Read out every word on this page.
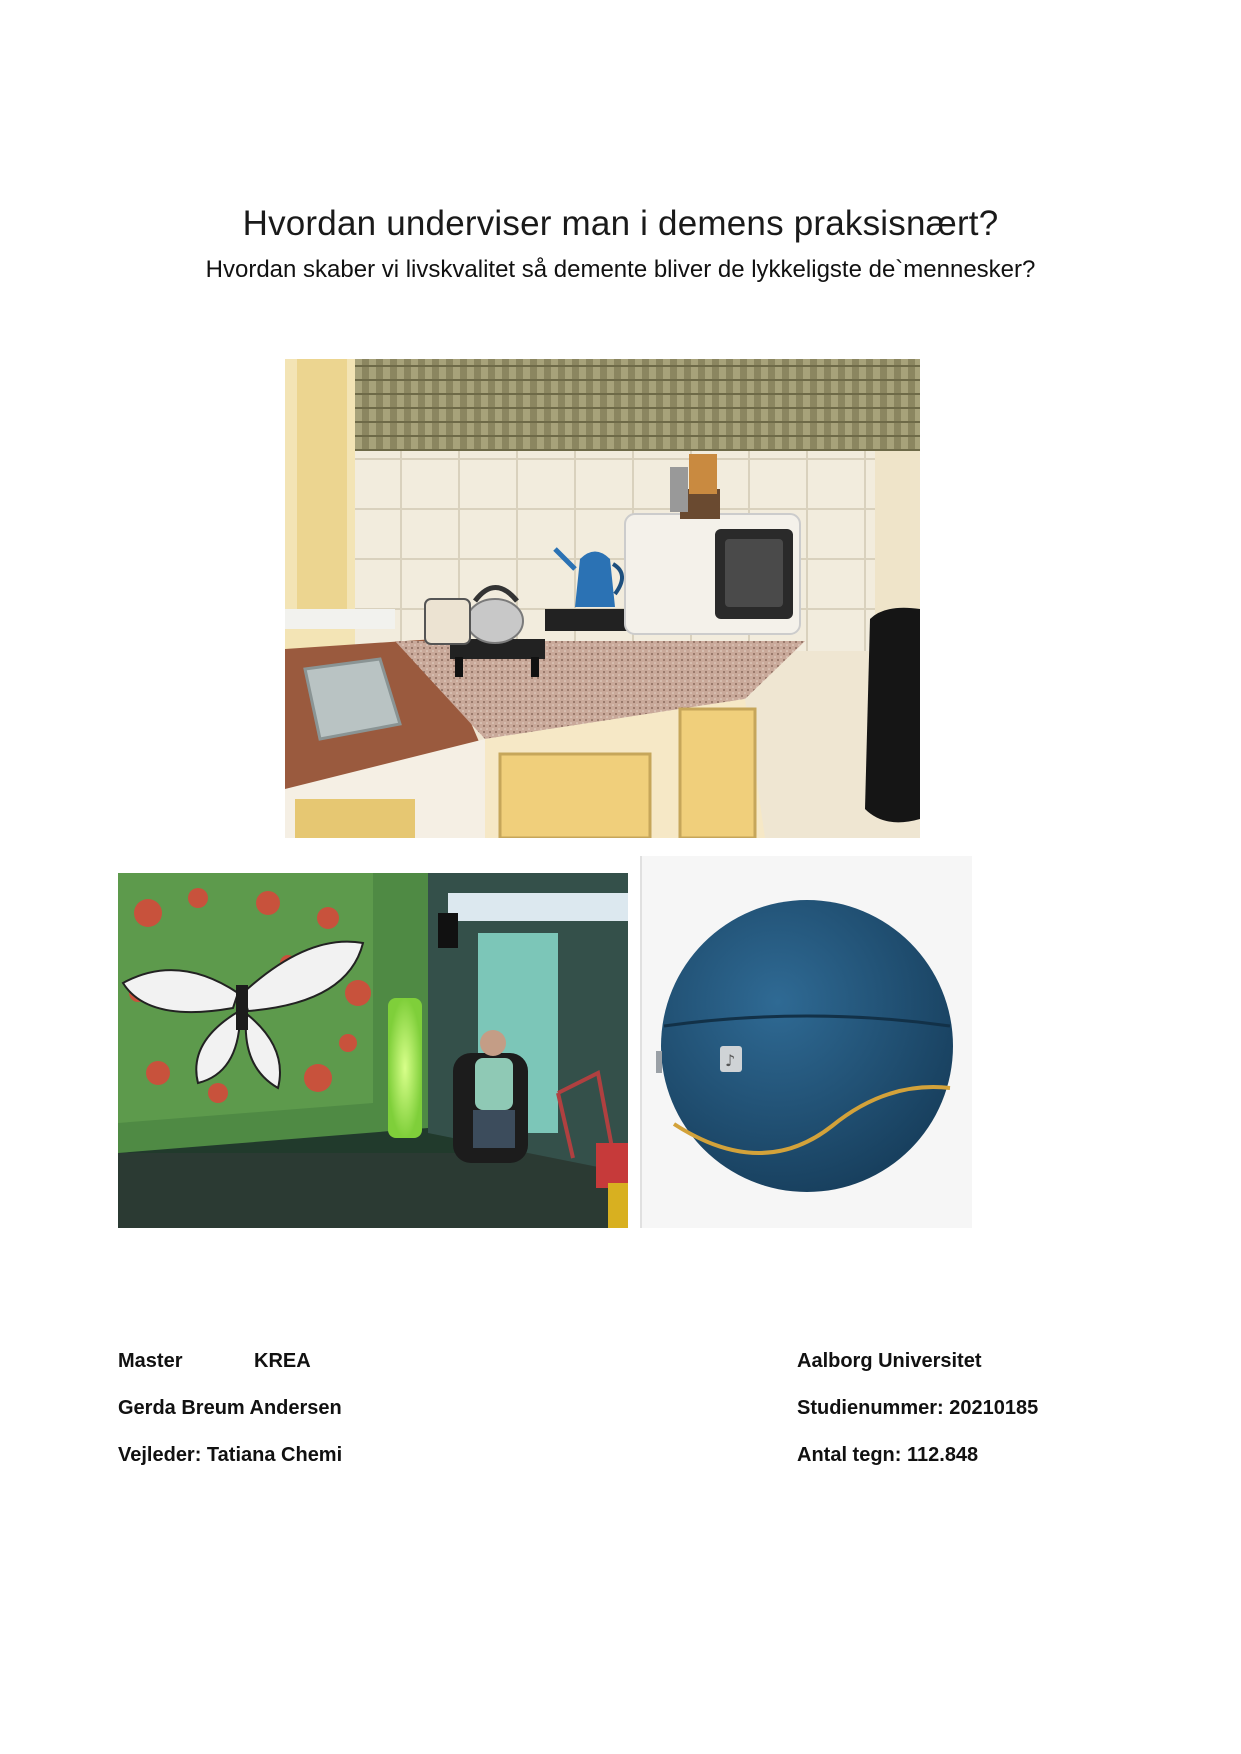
Hvordan underviser man i demens praksisnært?
Hvordan skaber vi livskvalitet så demente bliver de lykkeligste de`mennesker?
♪
Master	KREA
Gerda Breum Andersen
Vejleder: Tatiana Chemi
Aalborg Universitet
Studienummer: 20210185
Antal tegn: 112.848
